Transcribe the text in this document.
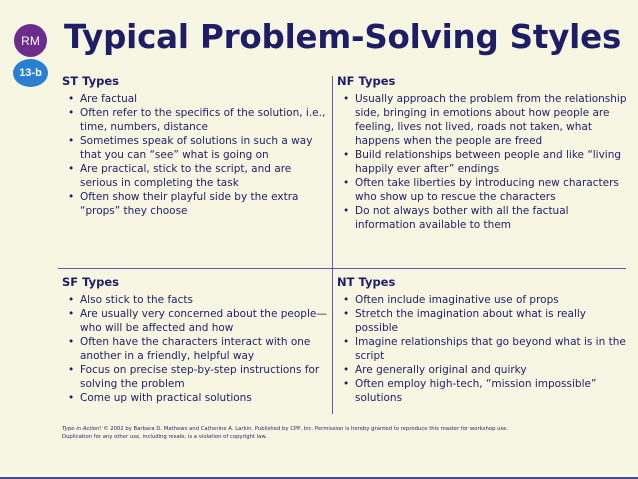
RM
13-b
Typical Problem-Solving Styles
ST Types
• Are factual
• Often refer to the specifics of the solution, i.e., time, numbers, distance
• Sometimes speak of solutions in such a way that you can “see” what is going on
• Are practical, stick to the script, and are serious in completing the task
• Often show their playful side by the extra “props” they choose
NF Types
• Usually approach the problem from the relationship side, bringing in emotions about how people are feeling, lives not lived, roads not taken, what happens when the people are freed
• Build relationships between people and like “living happily ever after” endings
• Often take liberties by introducing new characters who show up to rescue the characters
• Do not always bother with all the factual information available to them
SF Types
• Also stick to the facts
• Are usually very concerned about the people—who will be affected and how
• Often have the characters interact with one another in a friendly, helpful way
• Focus on precise step-by-step instructions for solving the problem
• Come up with practical solutions
NT Types
• Often include imaginative use of props
• Stretch the imagination about what is really possible
• Imagine relationships that go beyond what is in the script
• Are generally original and quirky
• Often employ high-tech, “mission impossible” solutions
Type in Action! © 2002 by Barbara D. Mathews and Catherine A. Larkin. Published by CPP, Inc. Permission is hereby granted to reproduce this master for workshop use.
Duplication for any other use, including resale, is a violation of copyright law.
